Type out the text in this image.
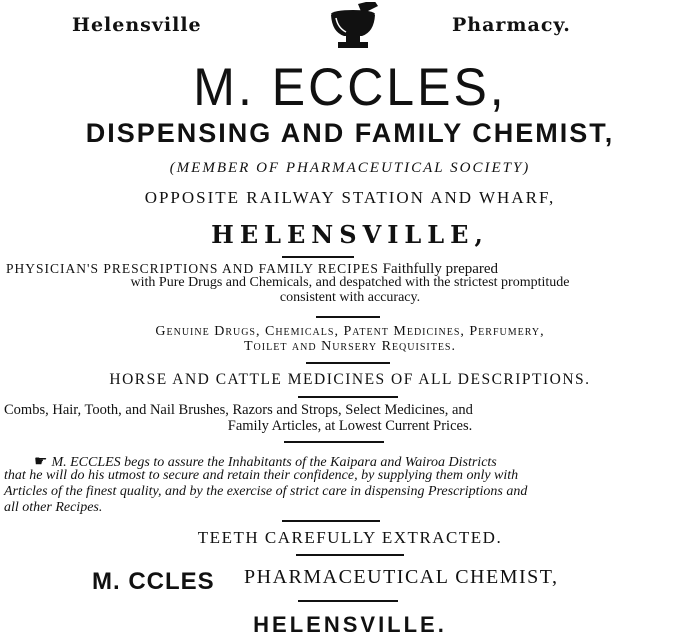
Helensville	Pharmacy.
M. ECCLES,
DISPENSING AND FAMILY CHEMIST,
(MEMBER OF PHARMACEUTICAL SOCIETY)
OPPOSITE RAILWAY STATION AND WHARF,
HELENSVILLE,
PHYSICIAN'S PRESCRIPTIONS AND FAMILY RECIPES Faithfully prepared
with Pure Drugs and Chemicals, and despatched with the strictest promptitude
consistent with accuracy.
Genuine Drugs, Chemicals, Patent Medicines, Perfumery,
Toilet and Nursery Requisites.
HORSE AND CATTLE MEDICINES OF ALL DESCRIPTIONS.
Combs, Hair, Tooth, and Nail Brushes, Razors and Strops, Select Medicines, and
Family Articles, at Lowest Current Prices.
☛ M. ECCLES begs to assure the Inhabitants of the Kaipara and Wairoa Districts
that he will do his utmost to secure and retain their confidence, by supplying them only with
Articles of the finest quality, and by the exercise of strict care in dispensing Prescriptions and
all other Recipes.
TEETH CAREFULLY EXTRACTED.
M. CCLES PHARMACEUTICAL CHEMIST,
HELENSVILLE.
